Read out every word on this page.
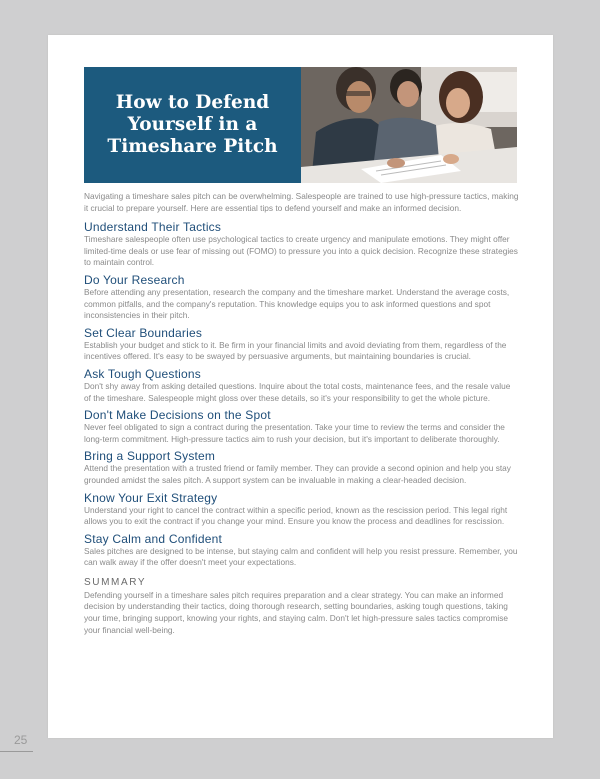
How to Defend
Yourself in a
Timeshare Pitch

Navigating a timeshare sales pitch can be overwhelming. Salespeople are trained to use high-pressure tactics, making it crucial to prepare yourself. Here are essential tips to defend yourself and make an informed decision.

Understand Their Tactics

Timeshare salespeople often use psychological tactics to create urgency and manipulate emotions. They might offer limited-time deals or use fear of missing out (FOMO) to pressure you into a quick decision. Recognize these strategies to maintain control.

Do Your Research

Before attending any presentation, research the company and the timeshare market. Understand the average costs, common pitfalls, and the company's reputation. This knowledge equips you to ask informed questions and spot inconsistencies in their pitch.

Set Clear Boundaries

Establish your budget and stick to it. Be firm in your financial limits and avoid deviating from them, regardless of the incentives offered. It's easy to be swayed by persuasive arguments, but maintaining boundaries is crucial.

Ask Tough Questions

Don't shy away from asking detailed questions. Inquire about the total costs, maintenance fees, and the resale value of the timeshare. Salespeople might gloss over these details, so it's your responsibility to get the whole picture.

Don't Make Decisions on the Spot

Never feel obligated to sign a contract during the presentation. Take your time to review the terms and consider the long-term commitment. High-pressure tactics aim to rush your decision, but it's important to deliberate thoroughly.

Bring a Support System

Attend the presentation with a trusted friend or family member. They can provide a second opinion and help you stay grounded amidst the sales pitch. A support system can be invaluable in making a clear-headed decision.

Know Your Exit Strategy

Understand your right to cancel the contract within a specific period, known as the rescission period. This legal right allows you to exit the contract if you change your mind. Ensure you know the process and deadlines for rescission.

Stay Calm and Confident

Sales pitches are designed to be intense, but staying calm and confident will help you resist pressure. Remember, you can walk away if the offer doesn't meet your expectations.

SUMMARY

Defending yourself in a timeshare sales pitch requires preparation and a clear strategy. You can make an informed decision by understanding their tactics, doing thorough research, setting boundaries, asking tough questions, taking your time, bringing support, knowing your rights, and staying calm. Don't let high-pressure sales tactics compromise your financial well-being.

25
